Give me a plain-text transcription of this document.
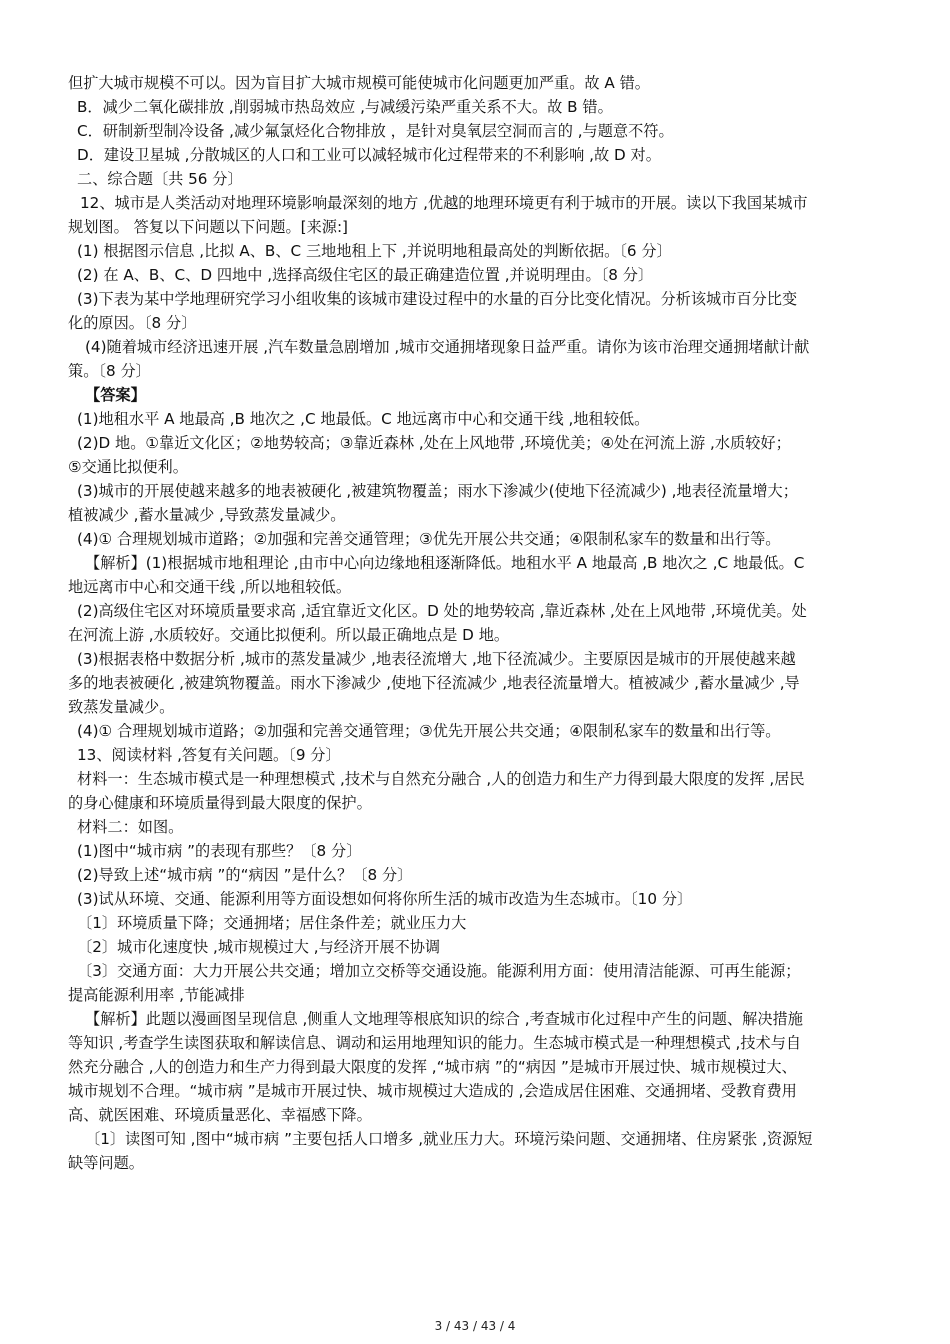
但扩大城市规模不可以。因为盲目扩大城市规模可能使城市化问题更加严重。故 A 错。
B．减少二氧化碳排放 ,削弱城市热岛效应 ,与减缓污染严重关系不大。故 B 错。
C．研制新型制冷设备 ,减少氟氯烃化合物排放 ，是针对臭氧层空洞而言的 ,与题意不符。
D．建设卫星城 ,分散城区的人口和工业可以减轻城市化过程带来的不利影响 ,故 D 对。
二、综合题〔共 56 分〕
12、城市是人类活动对地理环境影响最深刻的地方 ,优越的地理环境更有利于城市的开展。读以下我国某城市
规划图。 答复以下问题以下问题。[来源:]
(1) 根据图示信息 ,比拟 A、B、C 三地地租上下 ,并说明地租最高处的判断依据。〔6 分〕
(2) 在 A、B、C、D 四地中 ,选择高级住宅区的最正确建造位置 ,并说明理由。〔8 分〕
(3)下表为某中学地理研究学习小组收集的该城市建设过程中的水量的百分比变化情况。分析该城市百分比变
化的原因。〔8 分〕
(4)随着城市经济迅速开展 ,汽车数量急剧增加 ,城市交通拥堵现象日益严重。请你为该市治理交通拥堵献计献
策。〔8 分〕
【答案】
(1)地租水平 A 地最高 ,B 地次之 ,C 地最低。C 地远离市中心和交通干线 ,地租较低。
(2)D 地。①靠近文化区；②地势较高；③靠近森林 ,处在上风地带 ,环境优美；④处在河流上游 ,水质较好；
⑤交通比拟便利。
(3)城市的开展使越来越多的地表被硬化 ,被建筑物覆盖；雨水下渗减少(使地下径流减少) ,地表径流量增大；
植被减少 ,蓄水量减少 ,导致蒸发量减少。
(4)① 合理规划城市道路；②加强和完善交通管理；③优先开展公共交通；④限制私家车的数量和出行等。
【解析】(1)根据城市地租理论 ,由市中心向边缘地租逐渐降低。地租水平 A 地最高 ,B 地次之 ,C 地最低。C
地远离市中心和交通干线 ,所以地租较低。
(2)高级住宅区对环境质量要求高 ,适宜靠近文化区。D 处的地势较高 ,靠近森林 ,处在上风地带 ,环境优美。处
在河流上游 ,水质较好。交通比拟便利。所以最正确地点是 D 地。
(3)根据表格中数据分析 ,城市的蒸发量减少 ,地表径流增大 ,地下径流减少。主要原因是城市的开展使越来越
多的地表被硬化 ,被建筑物覆盖。雨水下渗减少 ,使地下径流减少 ,地表径流量增大。植被减少 ,蓄水量减少 ,导
致蒸发量减少。
(4)① 合理规划城市道路；②加强和完善交通管理；③优先开展公共交通；④限制私家车的数量和出行等。
13、阅读材料 ,答复有关问题。〔9 分〕
材料一：生态城市模式是一种理想模式 ,技术与自然充分融合 ,人的创造力和生产力得到最大限度的发挥 ,居民
的身心健康和环境质量得到最大限度的保护。
材料二：如图。
(1)图中“城市病 ”的表现有那些？〔8 分〕
(2)导致上述“城市病 ”的“病因 ”是什么？〔8 分〕
(3)试从环境、交通、能源利用等方面设想如何将你所生活的城市改造为生态城市。〔10 分〕
〔1〕环境质量下降；交通拥堵；居住条件差；就业压力大
〔2〕城市化速度快 ,城市规模过大 ,与经济开展不协调
〔3〕交通方面：大力开展公共交通；增加立交桥等交通设施。能源利用方面：使用清洁能源、可再生能源；
提高能源利用率 ,节能减排
【解析】此题以漫画图呈现信息 ,侧重人文地理等根底知识的综合 ,考查城市化过程中产生的问题、解决措施
等知识 ,考查学生读图获取和解读信息、调动和运用地理知识的能力。生态城市模式是一种理想模式 ,技术与自
然充分融合 ,人的创造力和生产力得到最大限度的发挥 ,“城市病 ”的“病因 ”是城市开展过快、城市规模过大、
城市规划不合理。“城市病 ”是城市开展过快、城市规模过大造成的 ,会造成居住困难、交通拥堵、受教育费用
高、就医困难、环境质量恶化、幸福感下降。
〔1〕读图可知 ,图中“城市病 ”主要包括人口增多 ,就业压力大。环境污染问题、交通拥堵、住房紧张 ,资源短
缺等问题。
3 / 43 / 43 / 4
